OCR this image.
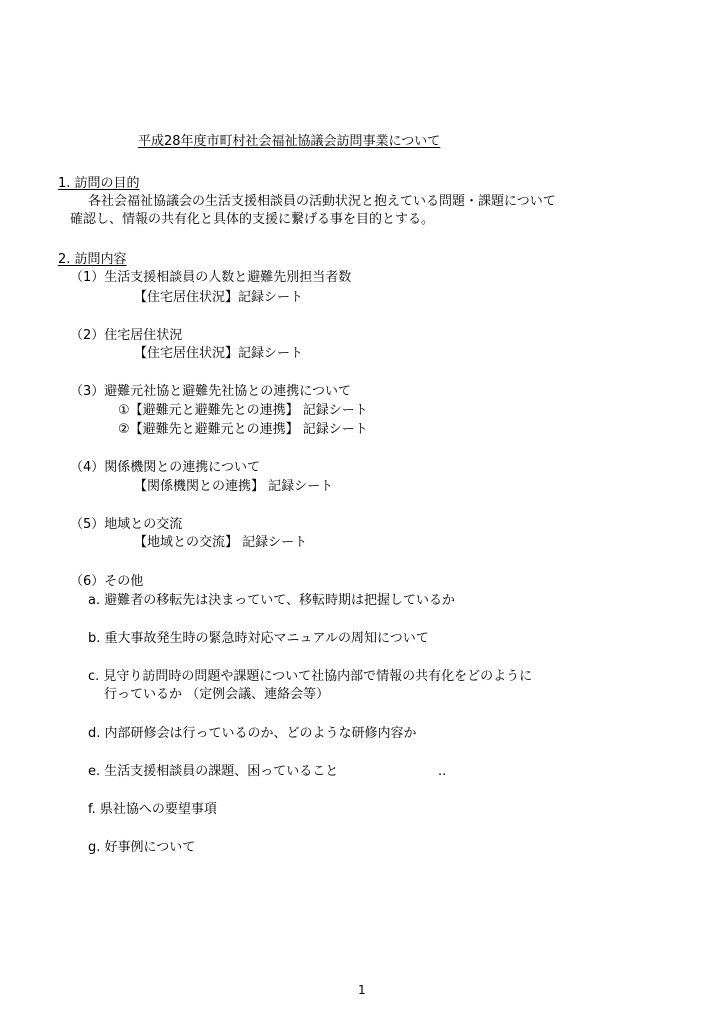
平成28年度市町村社会福祉協議会訪問事業について
1. 訪問の目的
各社会福祉協議会の生活支援相談員の活動状況と抱えている問題・課題について
確認し、情報の共有化と具体的支援に繋げる事を目的とする。
2. 訪問内容
（1）生活支援相談員の人数と避難先別担当者数
【住宅居住状況】記録シート
（2）住宅居住状況
【住宅居住状況】記録シート
（3）避難元社協と避難先社協との連携について
①【避難元と避難先との連携】 記録シート
②【避難先と避難元との連携】 記録シート
（4）関係機関との連携について
【関係機関との連携】 記録シート
（5）地域との交流
【地域との交流】 記録シート
（6）その他
a. 避難者の移転先は決まっていて、移転時期は把握しているか
b. 重大事故発生時の緊急時対応マニュアルの周知について
c. 見守り訪問時の問題や課題について社協内部で情報の共有化をどのように
行っているか （定例会議、連絡会等）
d. 内部研修会は行っているのか、どのような研修内容か
e. 生活支援相談員の課題、困っていること	..
f. 県社協への要望事項
g. 好事例について
1
